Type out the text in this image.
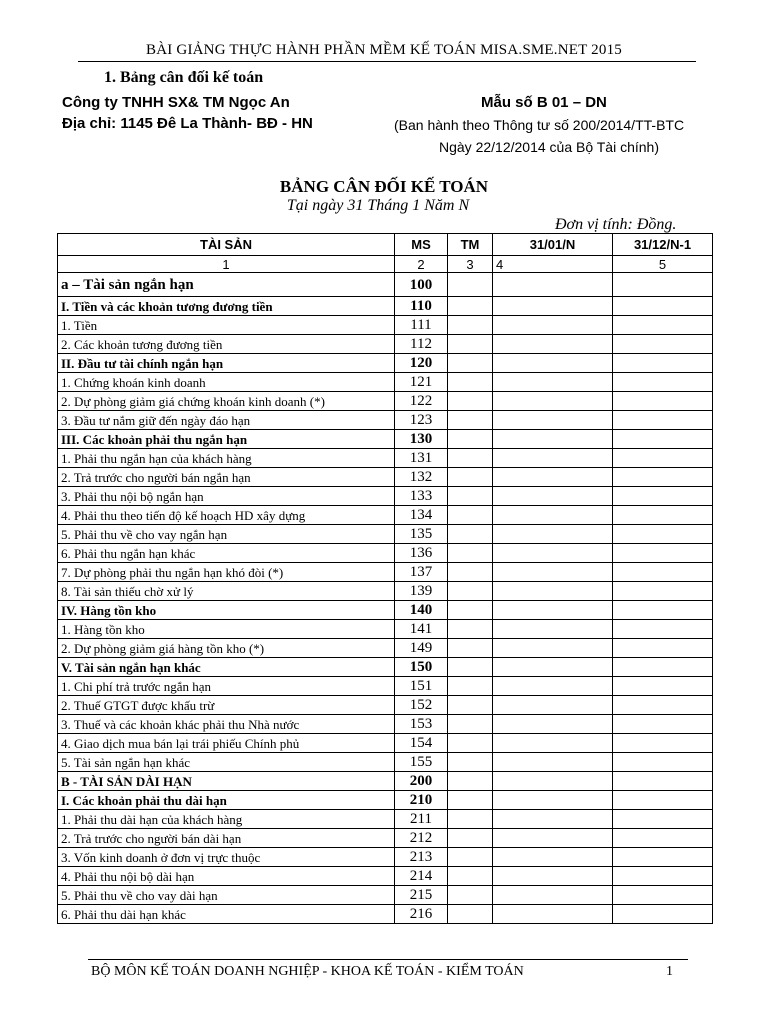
BÀI GIẢNG THỰC HÀNH PHẦN MỀM KẾ TOÁN MISA.SME.NET 2015
1. Bảng cân đối kế toán
Công ty TNHH SX& TM Ngọc An
Địa chỉ: 1145 Đê La Thành- BĐ - HN
Mẫu số B 01 – DN
(Ban hành theo Thông tư số 200/2014/TT-BTC
Ngày 22/12/2014 của Bộ Tài chính)
BẢNG CÂN ĐỐI KẾ TOÁN
Tại ngày 31 Tháng 1 Năm N
Đơn vị tính: Đồng.
TÀI SẢN	MS	TM	31/01/N	31/12/N-1
1	2	3	4	5
a – Tài sản ngắn hạn	100			
I. Tiền và các khoản tương đương tiền	110			
1. Tiền	111			
2. Các khoản tương đương tiền	112			
II. Đầu tư tài chính ngắn hạn	120			
1. Chứng khoán kinh doanh	121			
2. Dự phòng giảm giá chứng khoán kinh doanh (*)	122			
3. Đầu tư nắm giữ đến ngày đáo hạn	123			
III. Các khoản phải thu ngắn hạn	130			
1. Phải thu ngắn hạn của khách hàng	131			
2. Trả trước cho người bán ngắn hạn	132			
3. Phải thu nội bộ ngắn hạn	133			
4. Phải thu theo tiến độ kế hoạch HD xây dựng	134			
5. Phải thu về cho vay ngắn hạn	135			
6. Phải thu ngắn hạn khác	136			
7. Dự phòng phải thu ngắn hạn khó đòi (*)	137			
8. Tài sản thiếu chờ xử lý	139			
IV. Hàng tồn kho	140			
1. Hàng tồn kho	141			
2. Dự phòng giảm giá hàng tồn kho (*)	149			
V. Tài sản ngắn hạn khác	150			
1. Chi phí trả trước ngắn hạn	151			
2. Thuế GTGT được khấu trừ	152			
3. Thuế và các khoản khác phải thu Nhà nước	153			
4. Giao dịch mua bán lại trái phiếu Chính phủ	154			
5. Tài sản ngắn hạn khác	155			
B - TÀI SẢN DÀI HẠN	200			
I. Các khoản phải thu dài hạn	210			
1. Phải thu dài hạn của khách hàng	211			
2. Trả trước cho người bán dài hạn	212			
3. Vốn kinh doanh ở đơn vị trực thuộc	213			
4. Phải thu nội bộ dài hạn	214			
5. Phải thu về cho vay dài hạn	215			
6. Phải thu dài hạn khác	216			
BỘ MÔN KẾ TOÁN DOANH NGHIỆP - KHOA KẾ TOÁN - KIỂM TOÁN	1
